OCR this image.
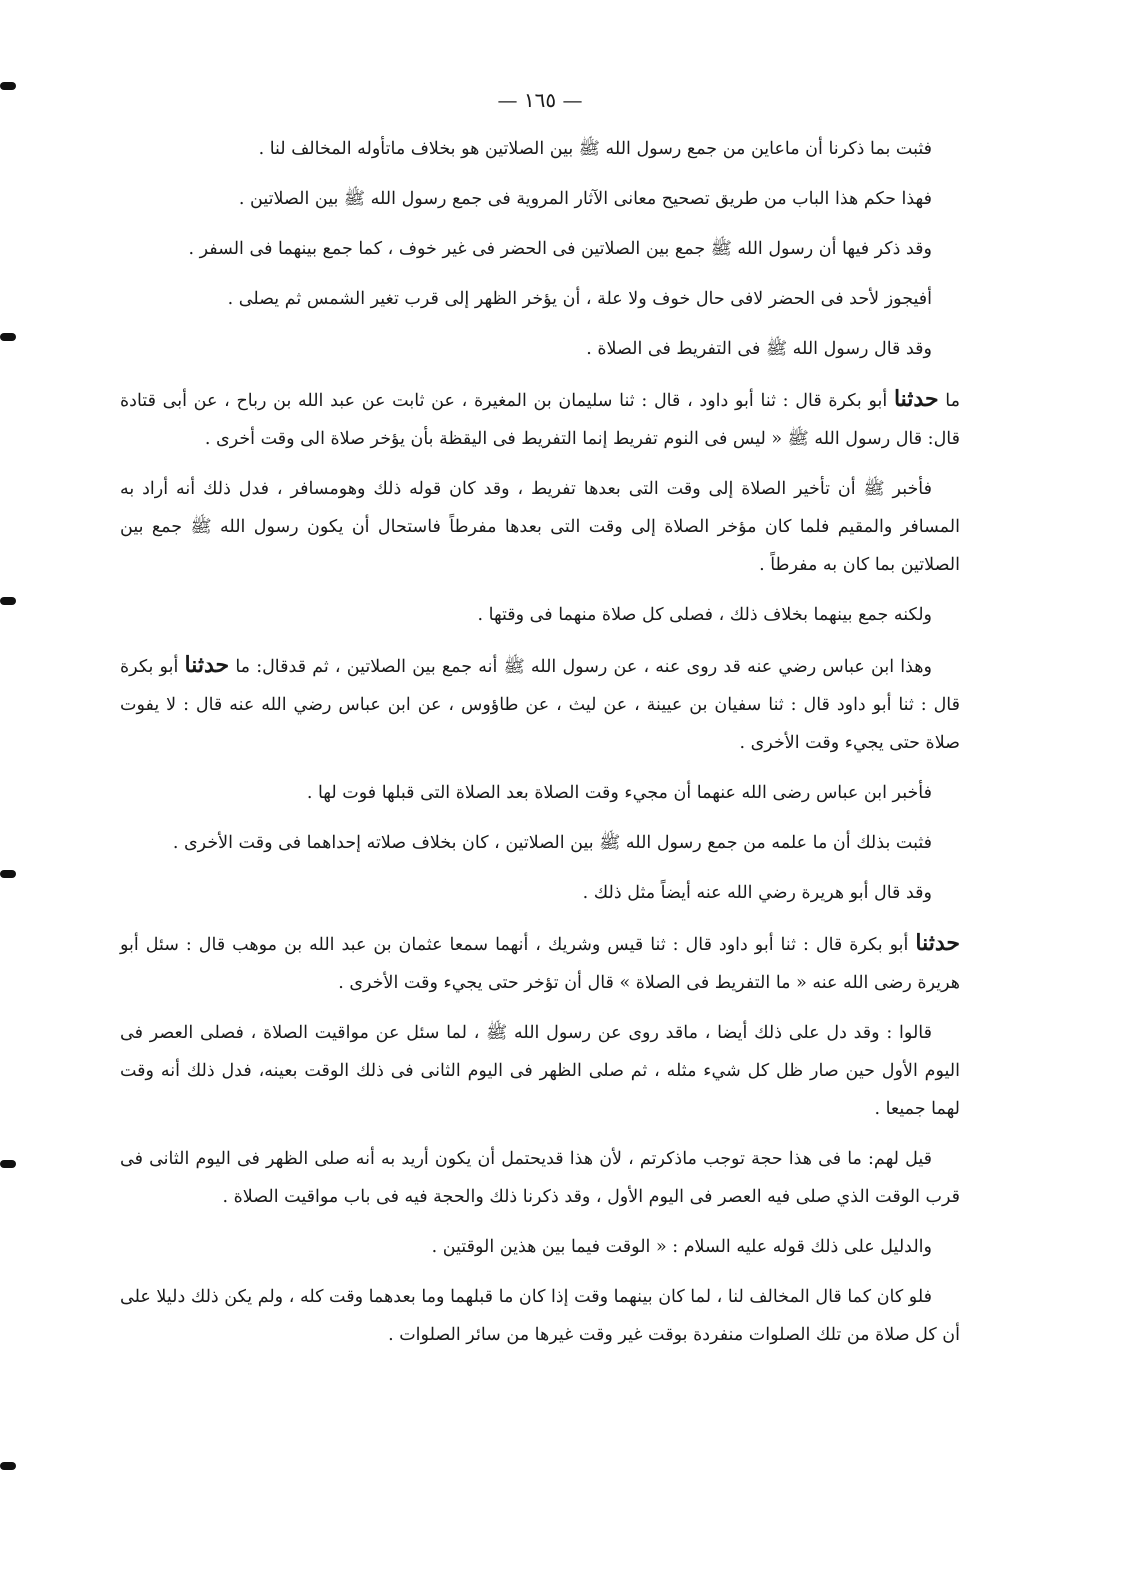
— ١٦٥ —

فثبت بما ذكرنا أن ماعاين من جمع رسول الله ﷺ بين الصلاتين هو بخلاف ماتأوله المخالف لنا .

فهذا حكم هذا الباب من طريق تصحيح معانى الآثار المروية فى جمع رسول الله ﷺ بين الصلاتين .

وقد ذكر فيها أن رسول الله ﷺ جمع بين الصلاتين فى الحضر فى غير خوف ، كما جمع بينهما فى السفر .

أفيجوز لأحد فى الحضر لافى حال خوف ولا علة ، أن يؤخر الظهر إلى قرب تغير الشمس ثم يصلى .

وقد قال رسول الله ﷺ فى التفريط فى الصلاة .

ما حدثنا أبو بكرة قال : ثنا أبو داود ، قال : ثنا سليمان بن المغيرة ، عن ثابت عن عبد الله بن رباح ، عن أبى قتادة قال: قال رسول الله ﷺ « ليس فى النوم تفريط إنما التفريط فى اليقظة بأن يؤخر صلاة الى وقت أخرى .

فأخبر ﷺ أن تأخير الصلاة إلى وقت التى بعدها تفريط ، وقد كان قوله ذلك وهومسافر ، فدل ذلك أنه أراد به المسافر والمقيم فلما كان مؤخر الصلاة إلى وقت التى بعدها مفرطاً فاستحال أن يكون رسول الله ﷺ جمع بين الصلاتين بما كان به مفرطاً .

ولكنه جمع بينهما بخلاف ذلك ، فصلى كل صلاة منهما فى وقتها .

وهذا ابن عباس رضي عنه قد روى عنه ، عن رسول الله ﷺ أنه جمع بين الصلاتين ، ثم قدقال: ما حدثنا أبو بكرة قال : ثنا أبو داود قال : ثنا سفيان بن عيينة ، عن ليث ، عن طاؤوس ، عن ابن عباس رضي الله عنه قال : لا يفوت صلاة حتى يجيء وقت الأخرى .

فأخبر ابن عباس رضى الله عنهما أن مجيء وقت الصلاة بعد الصلاة التى قبلها فوت لها .

فثبت بذلك أن ما علمه من جمع رسول الله ﷺ بين الصلاتين ، كان بخلاف صلاته إحداهما فى وقت الأخرى .

وقد قال أبو هريرة رضي الله عنه أيضاً مثل ذلك .

حدثنا أبو بكرة قال : ثنا أبو داود قال : ثنا قيس وشريك ، أنهما سمعا عثمان بن عبد الله بن موهب قال : سئل أبو هريرة رضى الله عنه « ما التفريط فى الصلاة » قال أن تؤخر حتى يجيء وقت الأخرى .

قالوا : وقد دل على ذلك أيضا ، ماقد روى عن رسول الله ﷺ ، لما سئل عن مواقيت الصلاة ، فصلى العصر فى اليوم الأول حين صار ظل كل شيء مثله ، ثم صلى الظهر فى اليوم الثانى فى ذلك الوقت بعينه، فدل ذلك أنه وقت لهما جميعا .

قيل لهم: ما فى هذا حجة توجب ماذكرتم ، لأن هذا قديحتمل أن يكون أريد به أنه صلى الظهر فى اليوم الثانى فى قرب الوقت الذي صلى فيه العصر فى اليوم الأول ، وقد ذكرنا ذلك والحجة فيه فى باب مواقيت الصلاة .

والدليل على ذلك قوله عليه السلام : « الوقت فيما بين هذين الوقتين .

فلو كان كما قال المخالف لنا ، لما كان بينهما وقت إذا كان ما قبلهما وما بعدهما وقت كله ، ولم يكن ذلك دليلا على أن كل صلاة من تلك الصلوات منفردة بوقت غير وقت غيرها من سائر الصلوات .
